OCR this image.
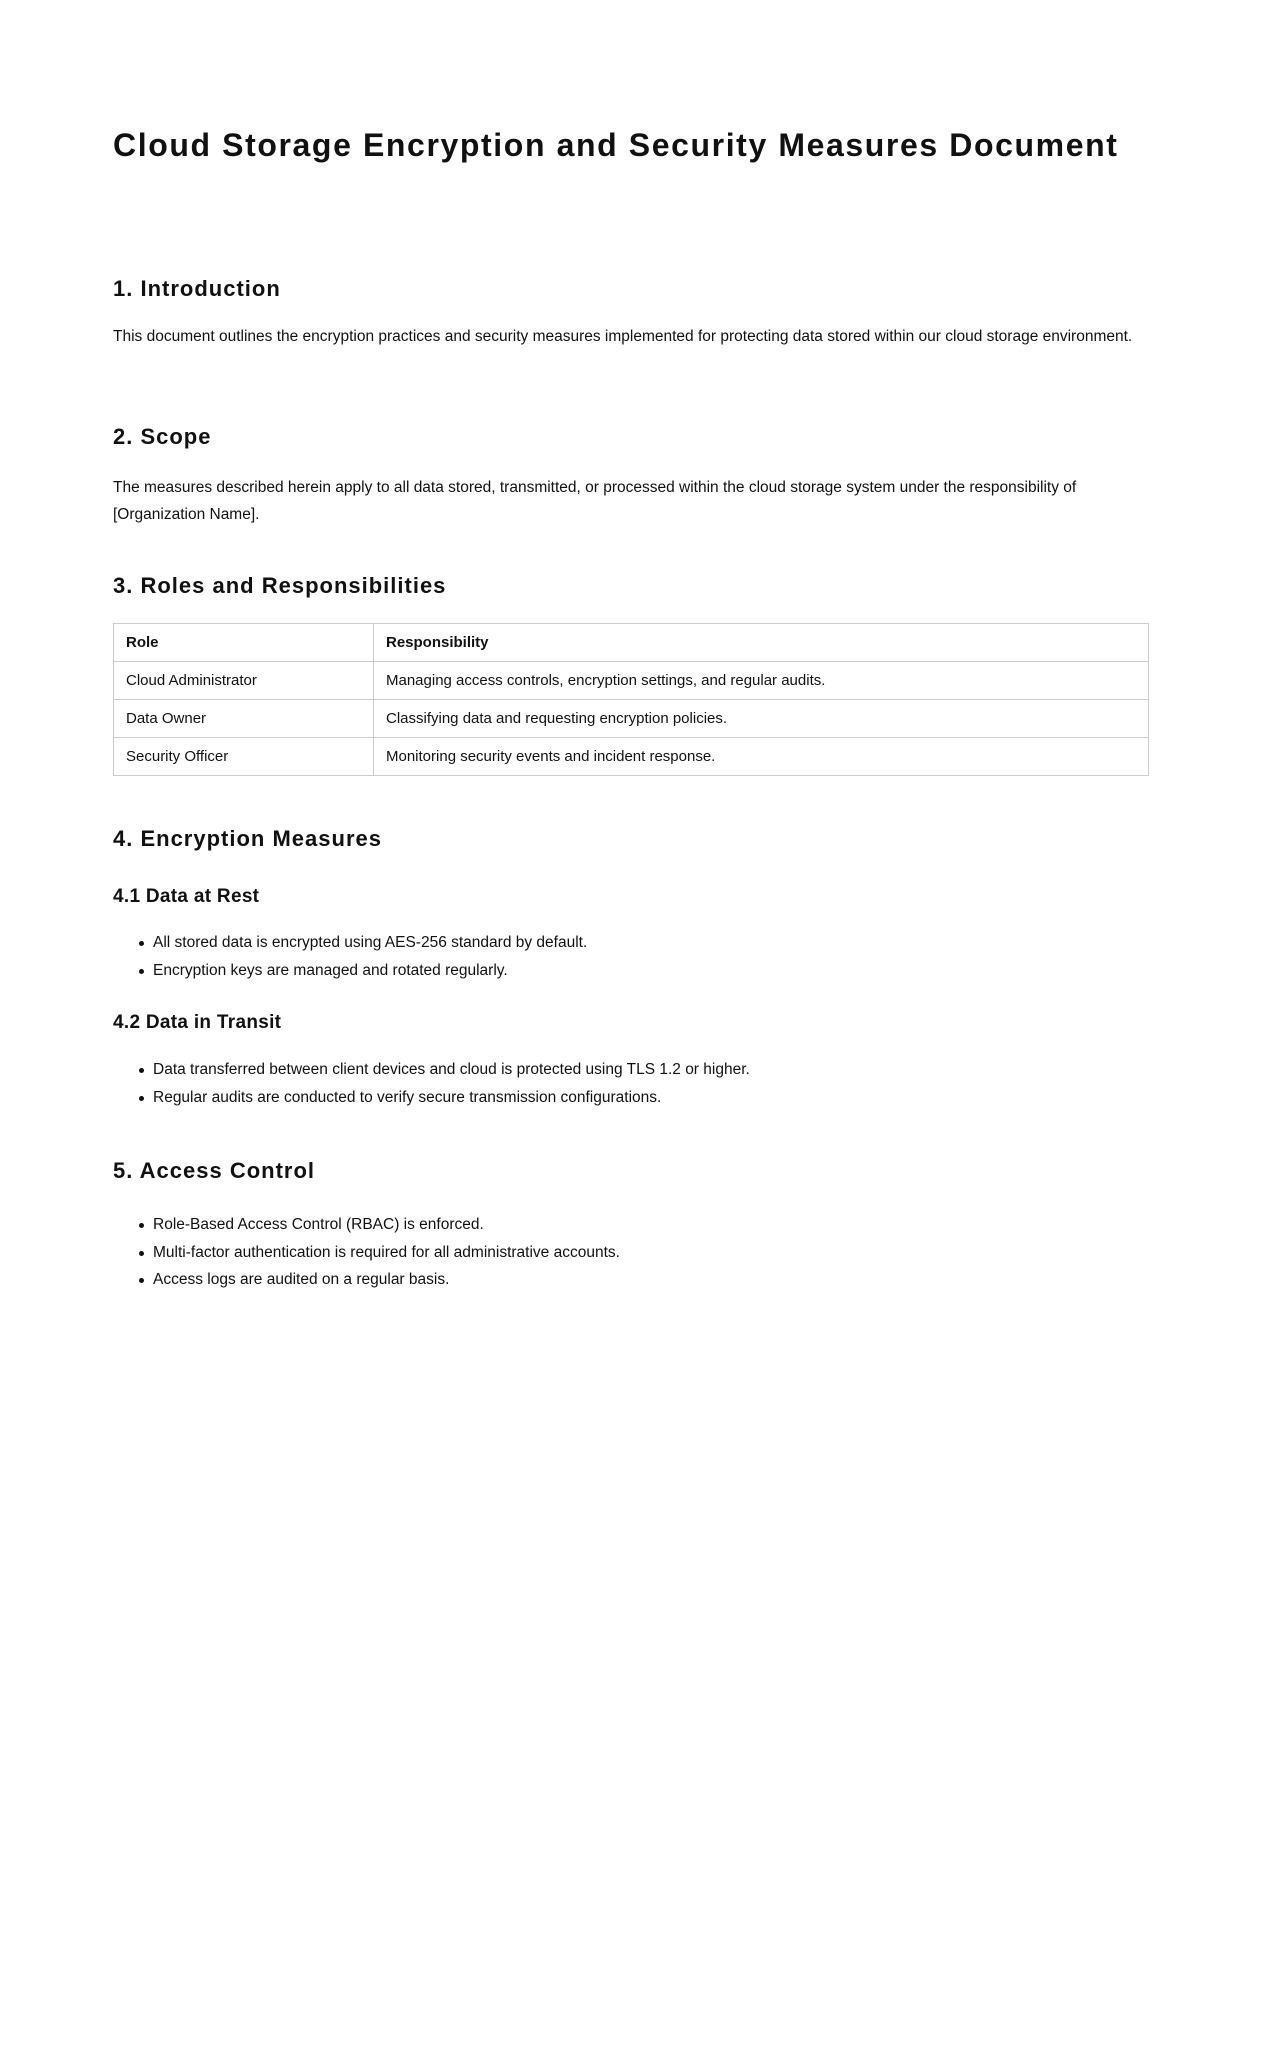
Cloud Storage Encryption and Security Measures Document
1. Introduction

This document outlines the encryption practices and security measures implemented for protecting data stored within our cloud storage environment.

2. Scope

The measures described herein apply to all data stored, transmitted, or processed within the cloud storage system under the responsibility of [Organization Name].

3. Roles and Responsibilities
Role	Responsibility
Cloud Administrator	Managing access controls, encryption settings, and regular audits.
Data Owner	Classifying data and requesting encryption policies.
Security Officer	Monitoring security events and incident response.
4. Encryption Measures
4.1 Data at Rest
All stored data is encrypted using AES-256 standard by default.
Encryption keys are managed and rotated regularly.
4.2 Data in Transit
Data transferred between client devices and cloud is protected using TLS 1.2 or higher.
Regular audits are conducted to verify secure transmission configurations.
5. Access Control
Role-Based Access Control (RBAC) is enforced.
Multi-factor authentication is required for all administrative accounts.
Access logs are audited on a regular basis.
